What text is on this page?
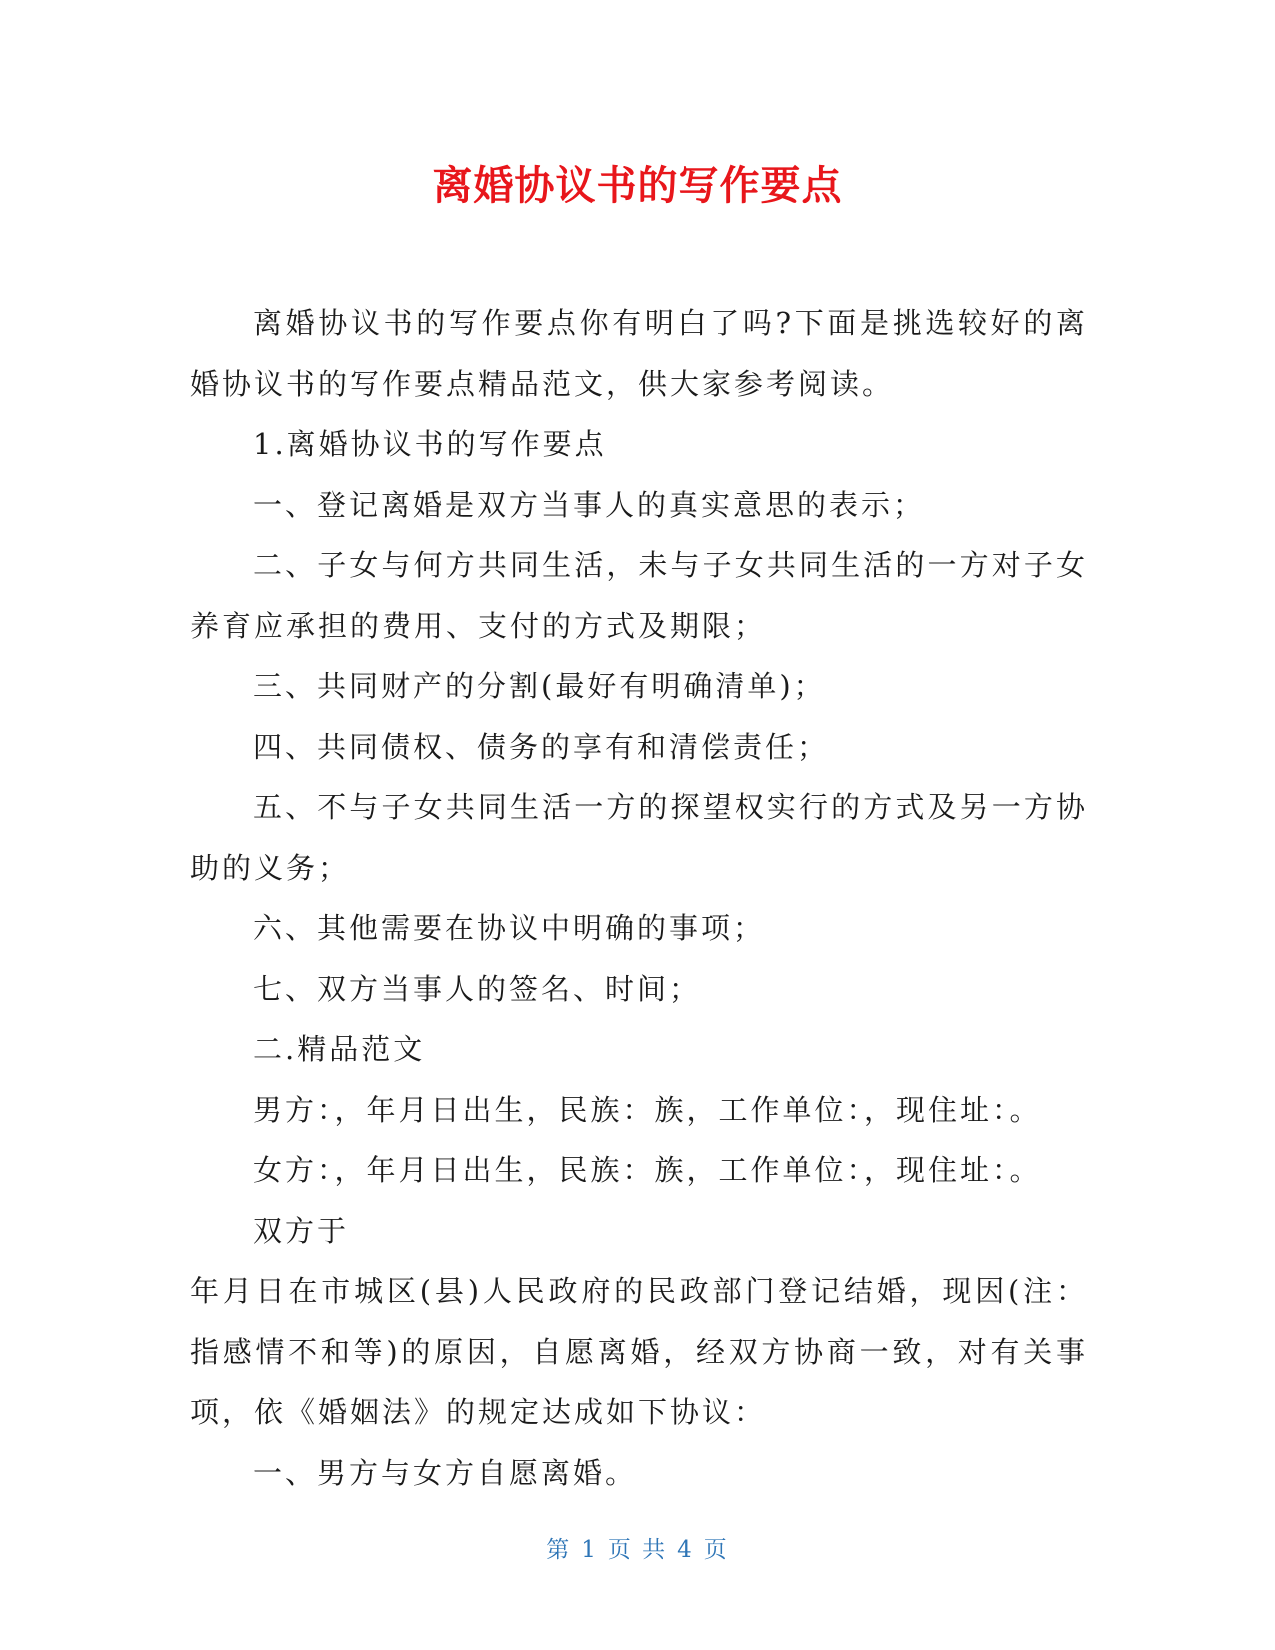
离婚协议书的写作要点

离婚协议书的写作要点你有明白了吗?下面是挑选较好的离婚协议书的写作要点精品范文，供大家参考阅读。

1.离婚协议书的写作要点

一、登记离婚是双方当事人的真实意思的表示；

二、子女与何方共同生活，未与子女共同生活的一方对子女养育应承担的费用、支付的方式及期限；

三、共同财产的分割(最好有明确清单)；

四、共同债权、债务的享有和清偿责任；

五、不与子女共同生活一方的探望权实行的方式及另一方协助的义务；

六、其他需要在协议中明确的事项；

七、双方当事人的签名、时间；

二.精品范文

男方：，年月日出生，民族：族，工作单位：，现住址：。

女方：，年月日出生，民族：族，工作单位：，现住址：。

双方于

年月日在市城区(县)人民政府的民政部门登记结婚，现因(注：指感情不和等)的原因，自愿离婚，经双方协商一致，对有关事项，依《婚姻法》的规定达成如下协议：

一、男方与女方自愿离婚。

第 1 页 共 4 页
